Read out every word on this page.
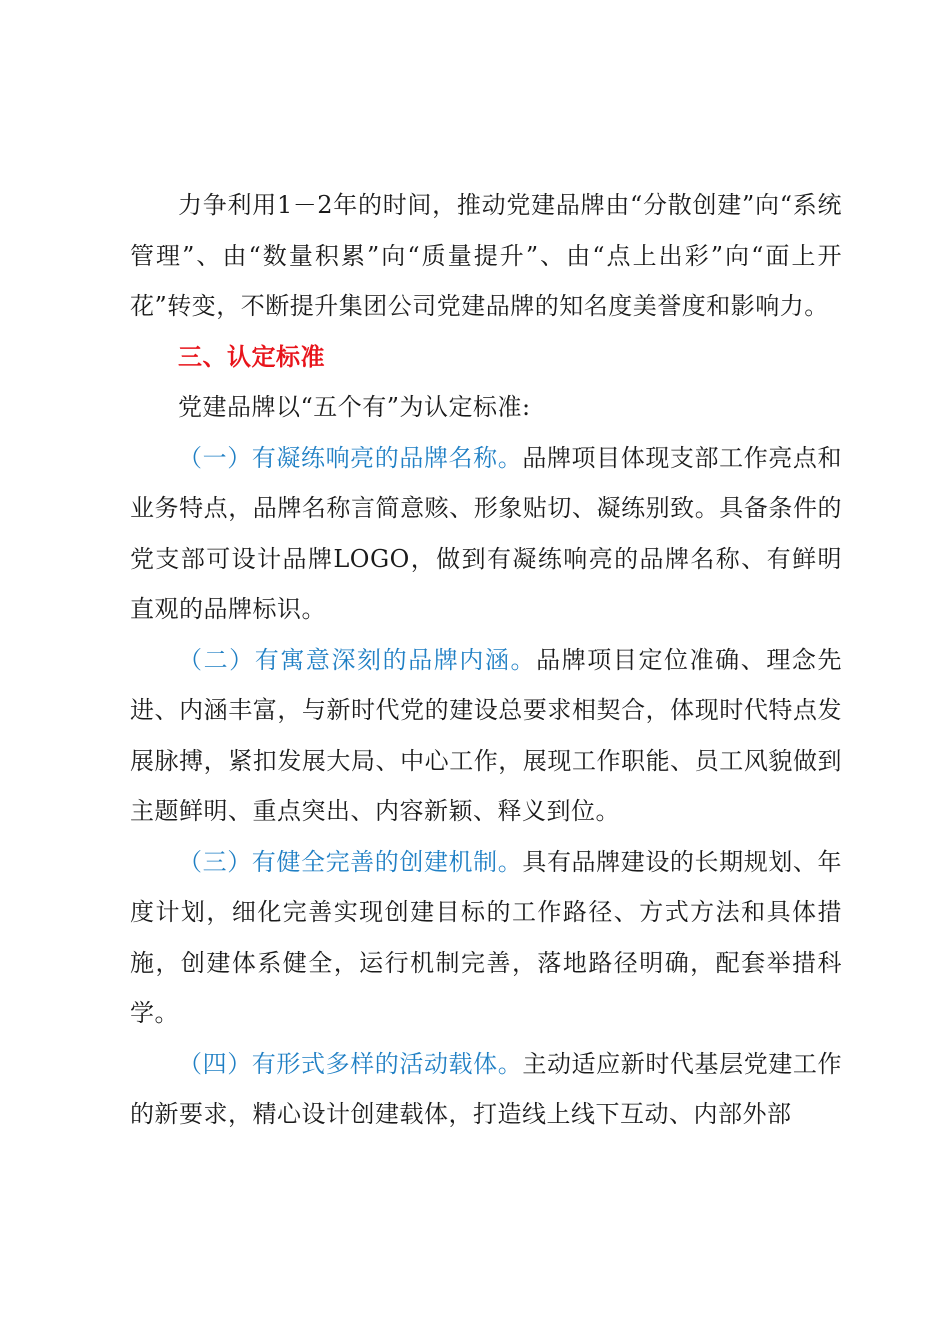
力争利用1－2年的时间，推动党建品牌由“分散创建”向“系统管理”、由“数量积累”向“质量提升”、由“点上出彩”向“面上开花”转变，不断提升集团公司党建品牌的知名度美誉度和影响力。

三、认定标准

党建品牌以“五个有”为认定标准:

（一）有凝练响亮的品牌名称。品牌项目体现支部工作亮点和业务特点，品牌名称言简意赅、形象贴切、凝练别致。具备条件的党支部可设计品牌LOGO，做到有凝练响亮的品牌名称、有鲜明直观的品牌标识。

（二）有寓意深刻的品牌内涵。品牌项目定位准确、理念先进、内涵丰富，与新时代党的建设总要求相契合，体现时代特点发展脉搏，紧扣发展大局、中心工作，展现工作职能、员工风貌做到主题鲜明、重点突出、内容新颖、释义到位。

（三）有健全完善的创建机制。具有品牌建设的长期规划、年度计划，细化完善实现创建目标的工作路径、方式方法和具体措施，创建体系健全，运行机制完善，落地路径明确，配套举措科学。

（四）有形式多样的活动载体。主动适应新时代基层党建工作的新要求，精心设计创建载体，打造线上线下互动、内部外部
